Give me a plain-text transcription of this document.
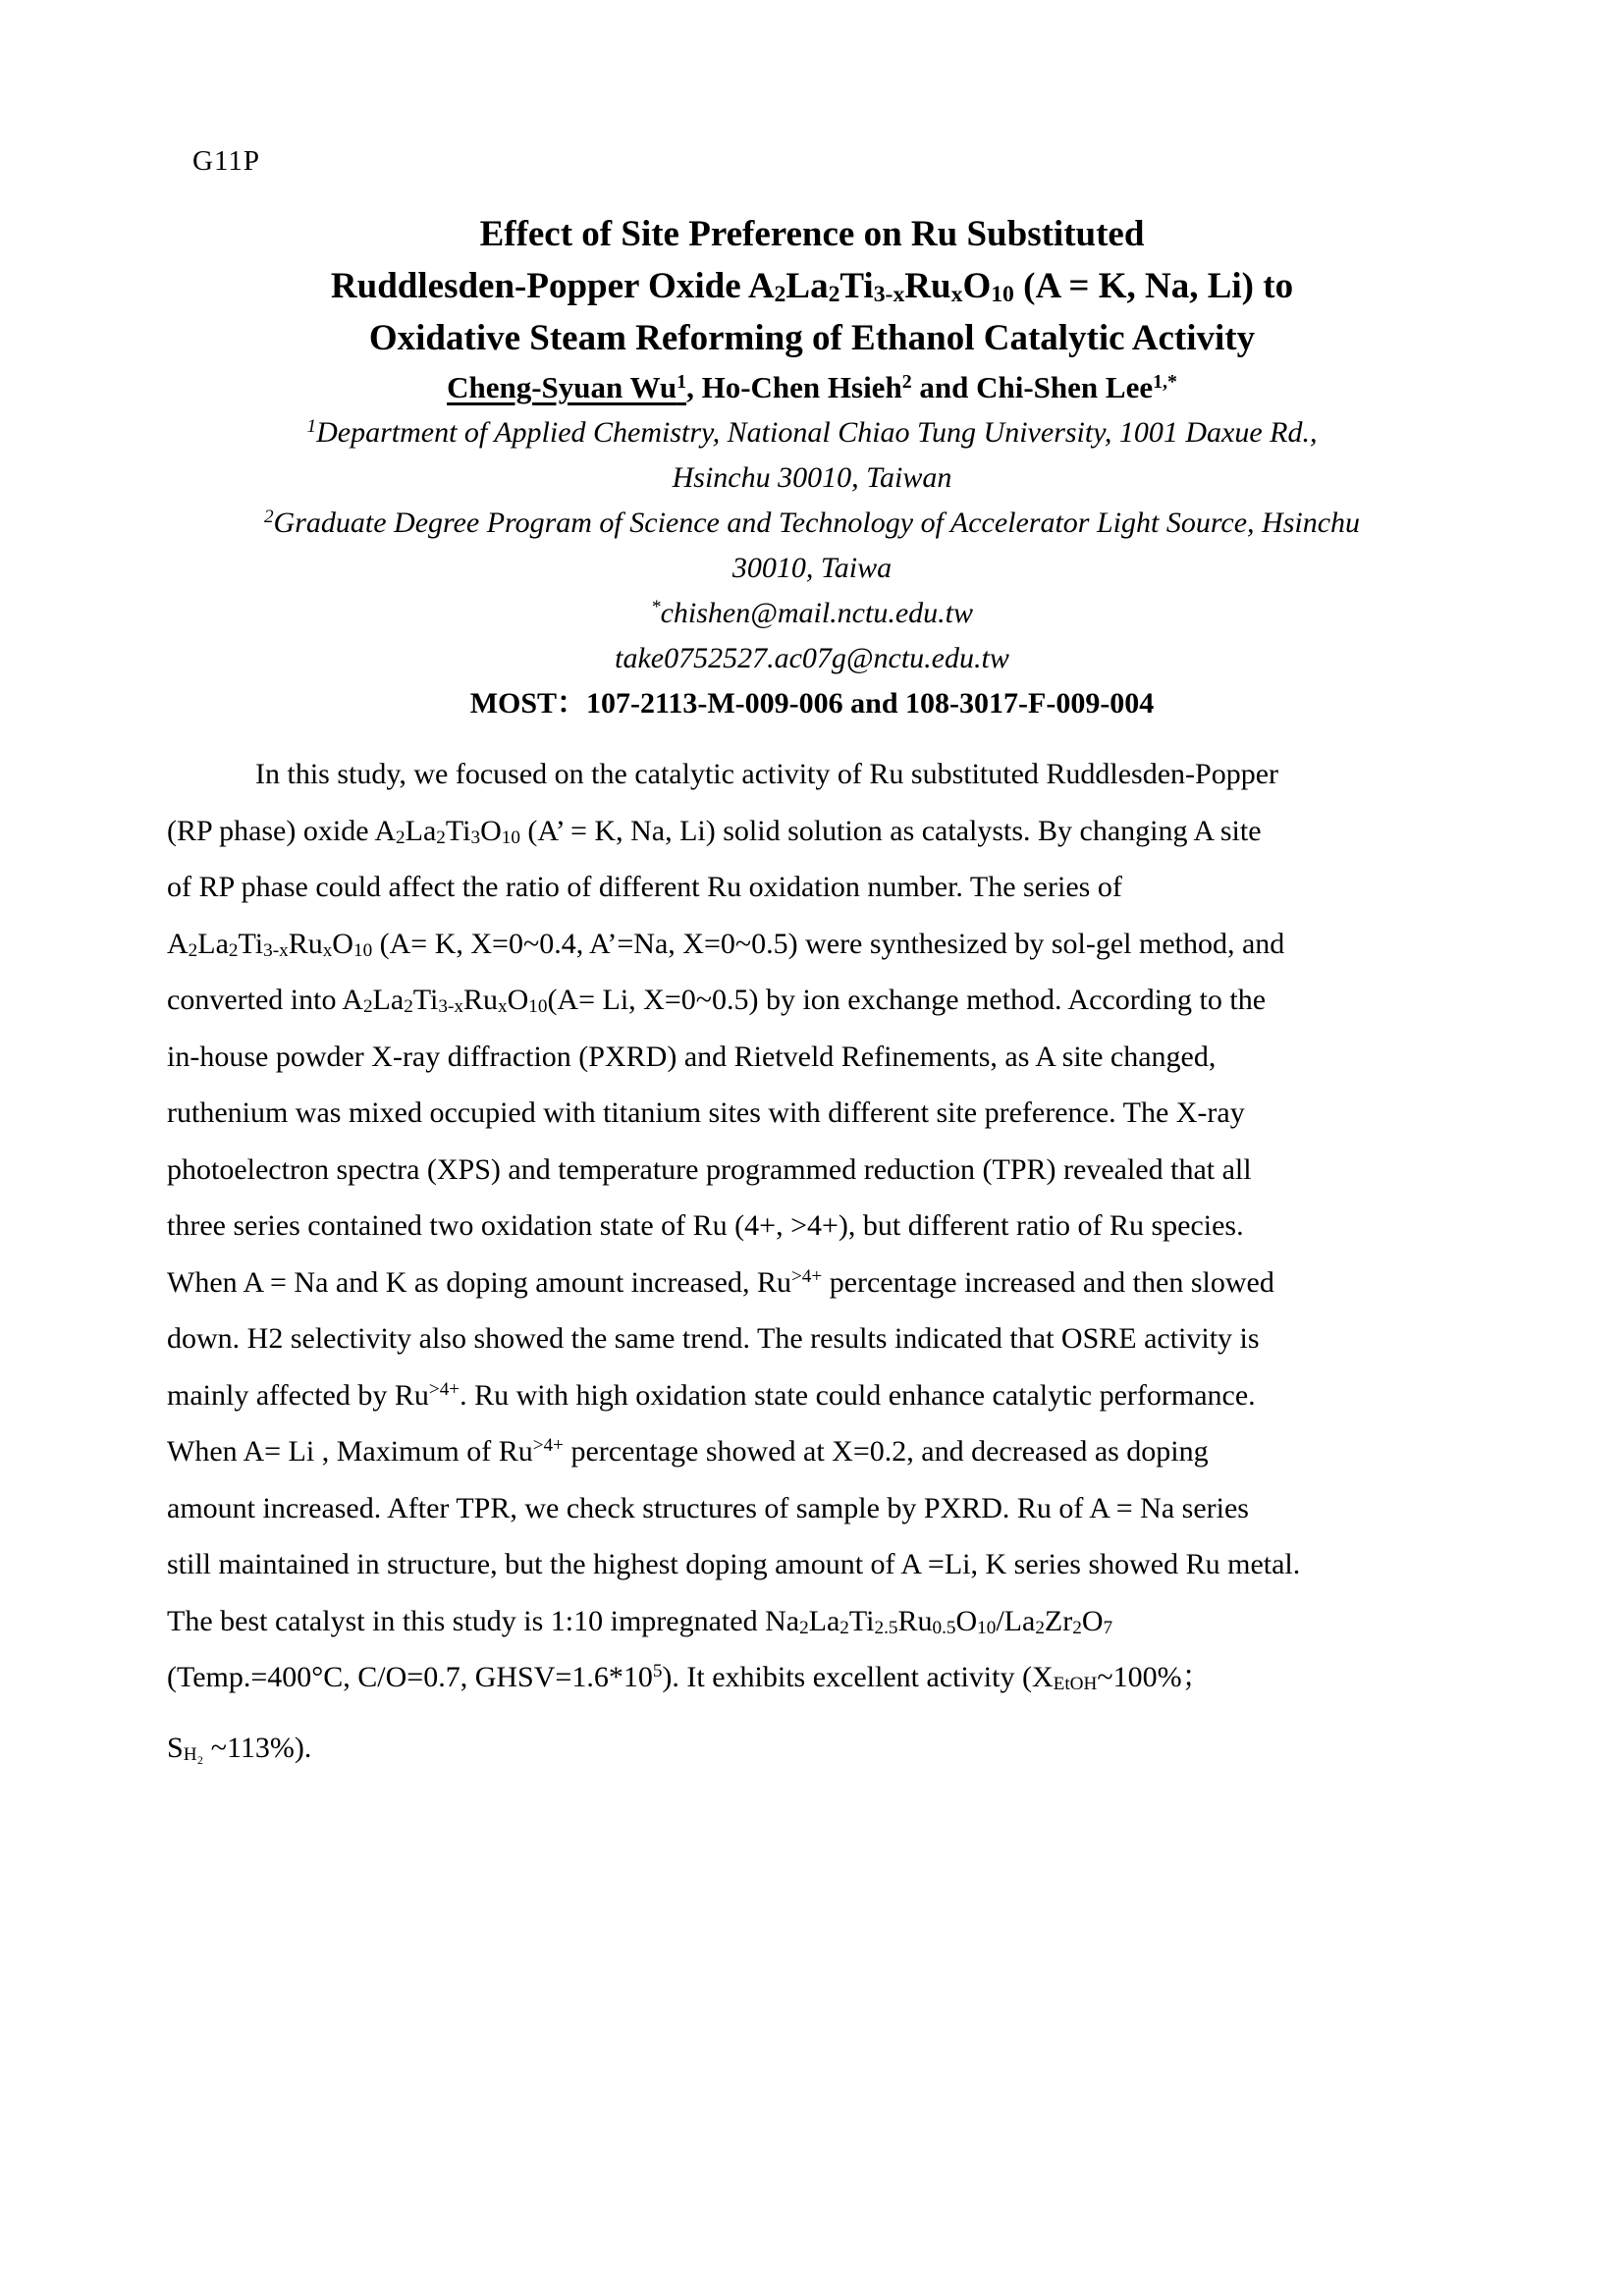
G11P
Effect of Site Preference on Ru Substituted
Ruddlesden-Popper Oxide $A_2La_2Ti_{3-x}Ru_xO_{10}$ (A = K, Na, Li) to
Oxidative Steam Reforming of Ethanol Catalytic Activity
Cheng-Syuan Wu$^1$, Ho-Chen Hsieh$^2$ and Chi-Shen Lee$^{1,*}$
$^1$Department of Applied Chemistry, National Chiao Tung University, 1001 Daxue Rd.,
Hsinchu 30010, Taiwan
$^2$Graduate Degree Program of Science and Technology of Accelerator Light Source, Hsinchu
30010, Taiwa
*chishen@mail.nctu.edu.tw
take0752527.ac07g@nctu.edu.tw
MOST：107-2113-M-009-006 and 108-3017-F-009-004
In this study, we focused on the catalytic activity of Ru substituted Ruddlesden-Popper
(RP phase) oxide $A_2La_2Ti_3O_{10}$ (A’ = K, Na, Li) solid solution as catalysts. By changing A site
of RP phase could affect the ratio of different Ru oxidation number. The series of
$A_2La_2Ti_{3-x}Ru_xO_{10}$ (A= K, X=0~0.4, A’=Na, X=0~0.5) were synthesized by sol-gel method, and
converted into $A_2La_2Ti_{3-x}Ru_xO_{10}(A= Li$, X=0~0.5) by ion exchange method. According to the
in-house powder X-ray diffraction (PXRD) and Rietveld Refinements, as A site changed,
ruthenium was mixed occupied with titanium sites with different site preference. The X-ray
photoelectron spectra (XPS) and temperature programmed reduction (TPR) revealed that all
three series contained two oxidation state of Ru (4+, >4+), but different ratio of Ru species.
When A = Na and K as doping amount increased, $Ru^{>4+}$ percentage increased and then slowed
down. H2 selectivity also showed the same trend. The results indicated that OSRE activity is
mainly affected by $Ru^{>4+}$. Ru with high oxidation state could enhance catalytic performance.
When A= Li , Maximum of $Ru^{>4+}$ percentage showed at X=0.2, and decreased as doping
amount increased. After TPR, we check structures of sample by PXRD. Ru of A = Na series
still maintained in structure, but the highest doping amount of A =Li, K series showed Ru metal.
The best catalyst in this study is 1:10 impregnated $Na_2La_2Ti_{2.5}Ru_{0.5}O_{10}/La_2Zr_2O_7$
(Temp.=400°C, C/O=0.7, $GHSV=1.6*10^5$). It exhibits excellent activity ($X_{EtOH}\sim 100\%$；
$S_{H_2}$ ~113%).
